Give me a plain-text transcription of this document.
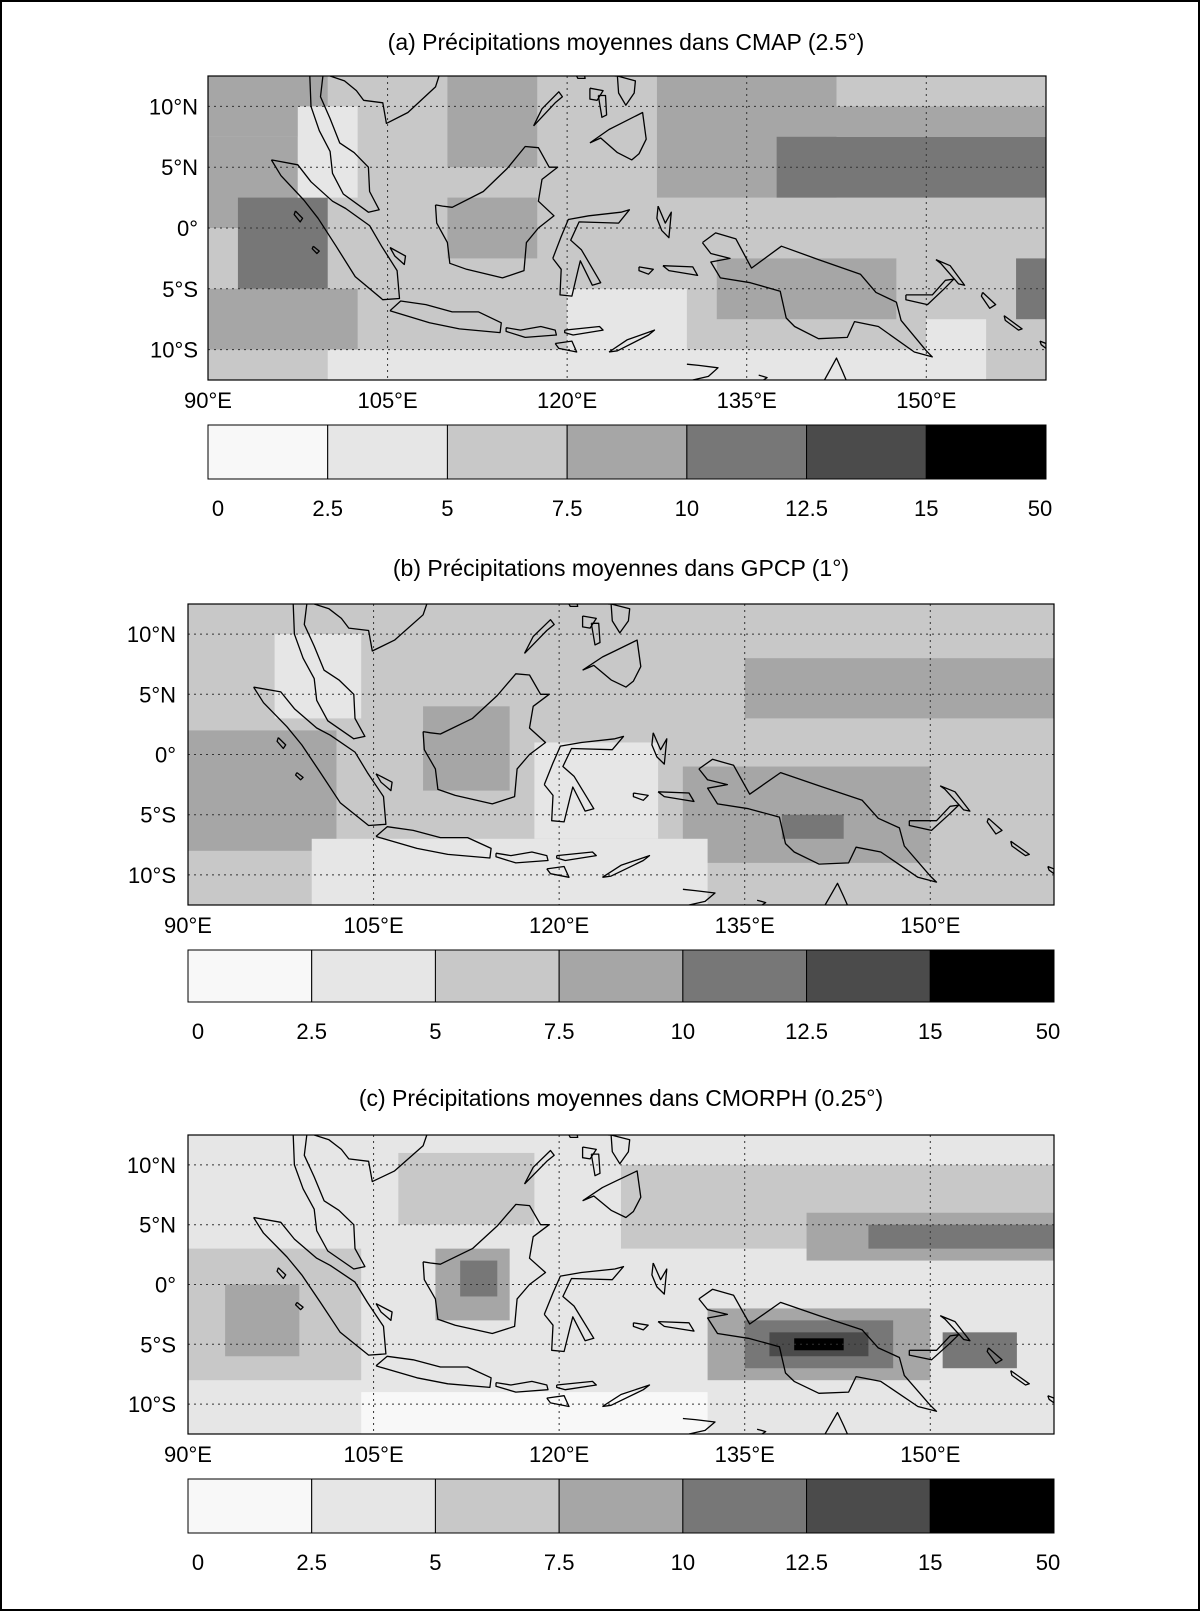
(a) Précipitations moyennes dans CMAP (2.5°)
10°N
5°N
0°
5°S
10°S
90°E	105°E	120°E	135°E	150°E
0	2.5	5	7.5	10	12.5	15	50
(b) Précipitations moyennes dans GPCP (1°)
10°N
5°N
0°
5°S
10°S
90°E	105°E	120°E	135°E	150°E
0	2.5	5	7.5	10	12.5	15	50
(c) Précipitations moyennes dans CMORPH (0.25°)
10°N
5°N
0°
5°S
10°S
90°E	105°E	120°E	135°E	150°E
0	2.5	5	7.5	10	12.5	15	50
